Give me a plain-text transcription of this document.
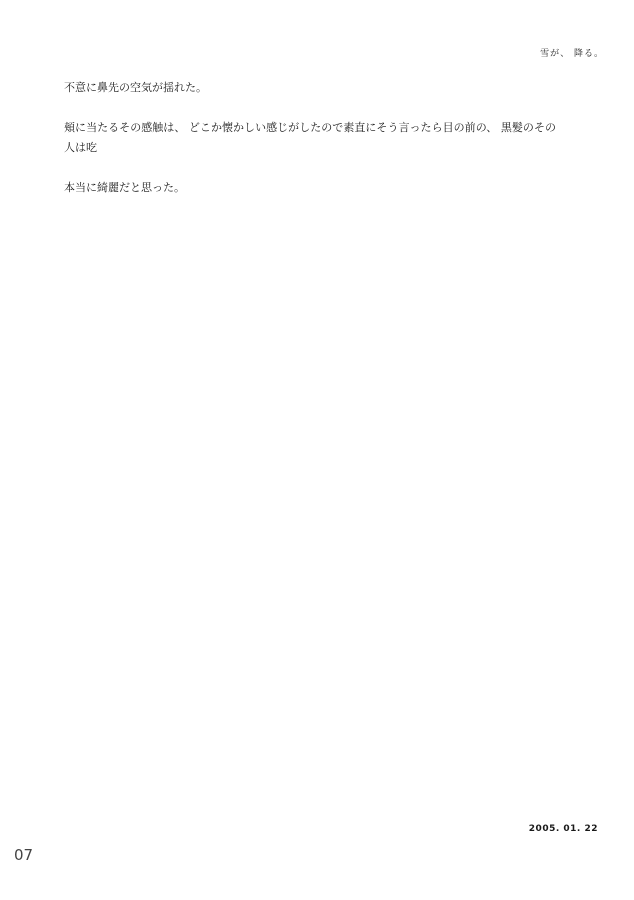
雪が、 降る。

不意に鼻先の空気が揺れた。

頬に当たるその感触は、 どこか懐かしい感じがしたので素直にそう言ったら目の前の、 黒髪のその人は吃

本当に綺麗だと思った。

2005. 01. 22
07
